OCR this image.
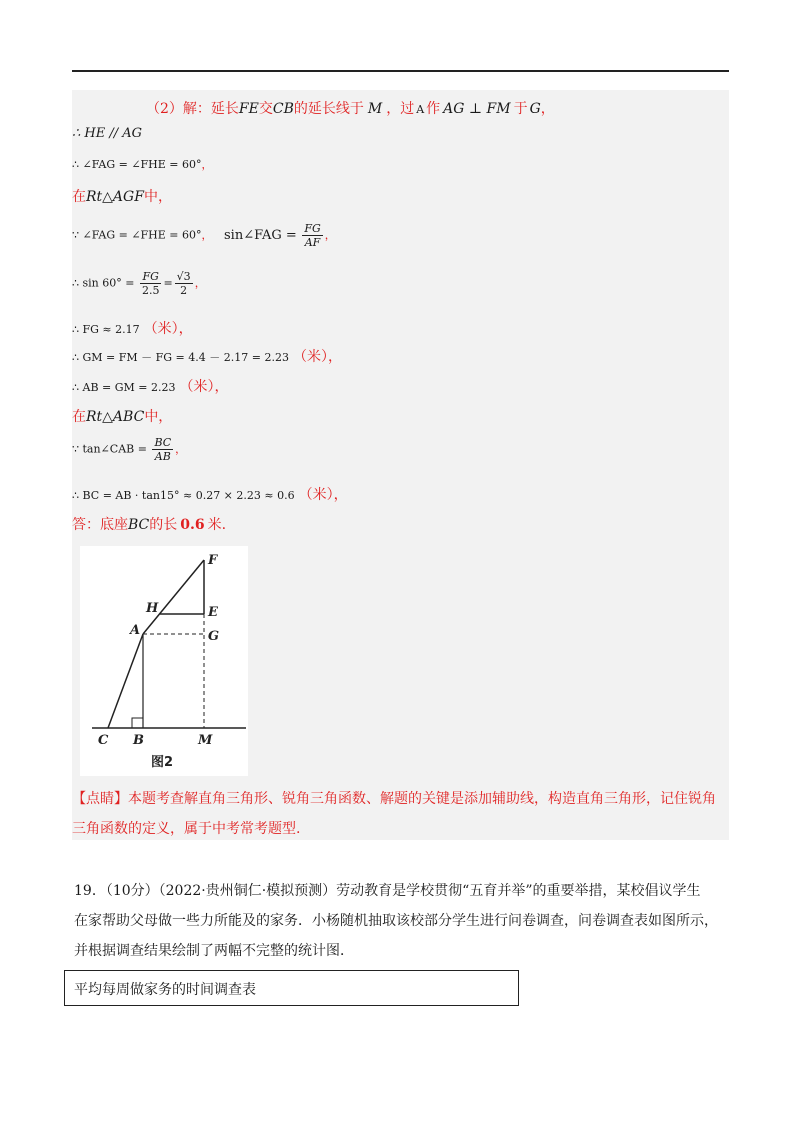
（2）解：延长FE交CB的延长线于 M ，过 A 作 AG ⊥ FM 于 G，
∴ HE // AG
∴ ∠FAG = ∠FHE = 60°，
在Rt△AGF中，
∵ ∠FAG = ∠FHE = 60°， sin∠FAG = $\frac{FG}{AF}$ ，
∴ $\sin 60^\circ = \frac{FG}{2.5} = \frac{√3}{2}$ ，
∴ FG ≈ 2.17 （米），
∴ GM = FM － FG = 4.4 － 2.17 = 2.23 （米），
∴ AB = GM = 2.23 （米），
在Rt△ABC中，
∵ tan∠CAB = $\frac{BC}{AB}$ ，
∴ BC = AB · tan15° ≈ 0.27 × 2.23 ≈ 0.6 （米），
答：底座BC的长 0.6 米.
【点睛】本题考查解直角三角形、锐角三角函数、解题的关键是添加辅助线，构造直角三角形，记住锐角
三角函数的定义，属于中考常考题型.
F
H	E
A	G
C B	M
图2
19．（10分）（2022·贵州铜仁·模拟预测）劳动教育是学校贯彻“五育并举”的重要举措，某校倡议学生
在家帮助父母做一些力所能及的家务．小杨随机抽取该校部分学生进行问卷调查，问卷调查表如图所示，
并根据调查结果绘制了两幅不完整的统计图．
平均每周做家务的时间调查表
